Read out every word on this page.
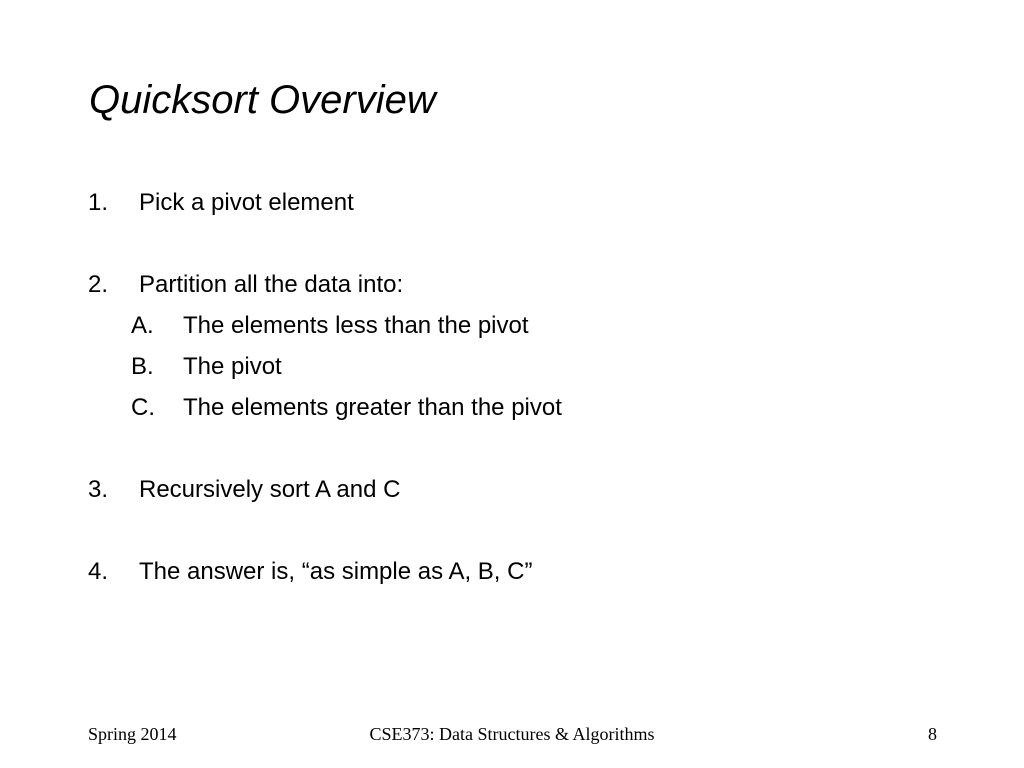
Quicksort Overview
1. Pick a pivot element
2. Partition all the data into:
A. The elements less than the pivot
B. The pivot
C. The elements greater than the pivot
3. Recursively sort A and C
4. The answer is, “as simple as A, B, C”
Spring 2014	CSE373: Data Structures & Algorithms	8
